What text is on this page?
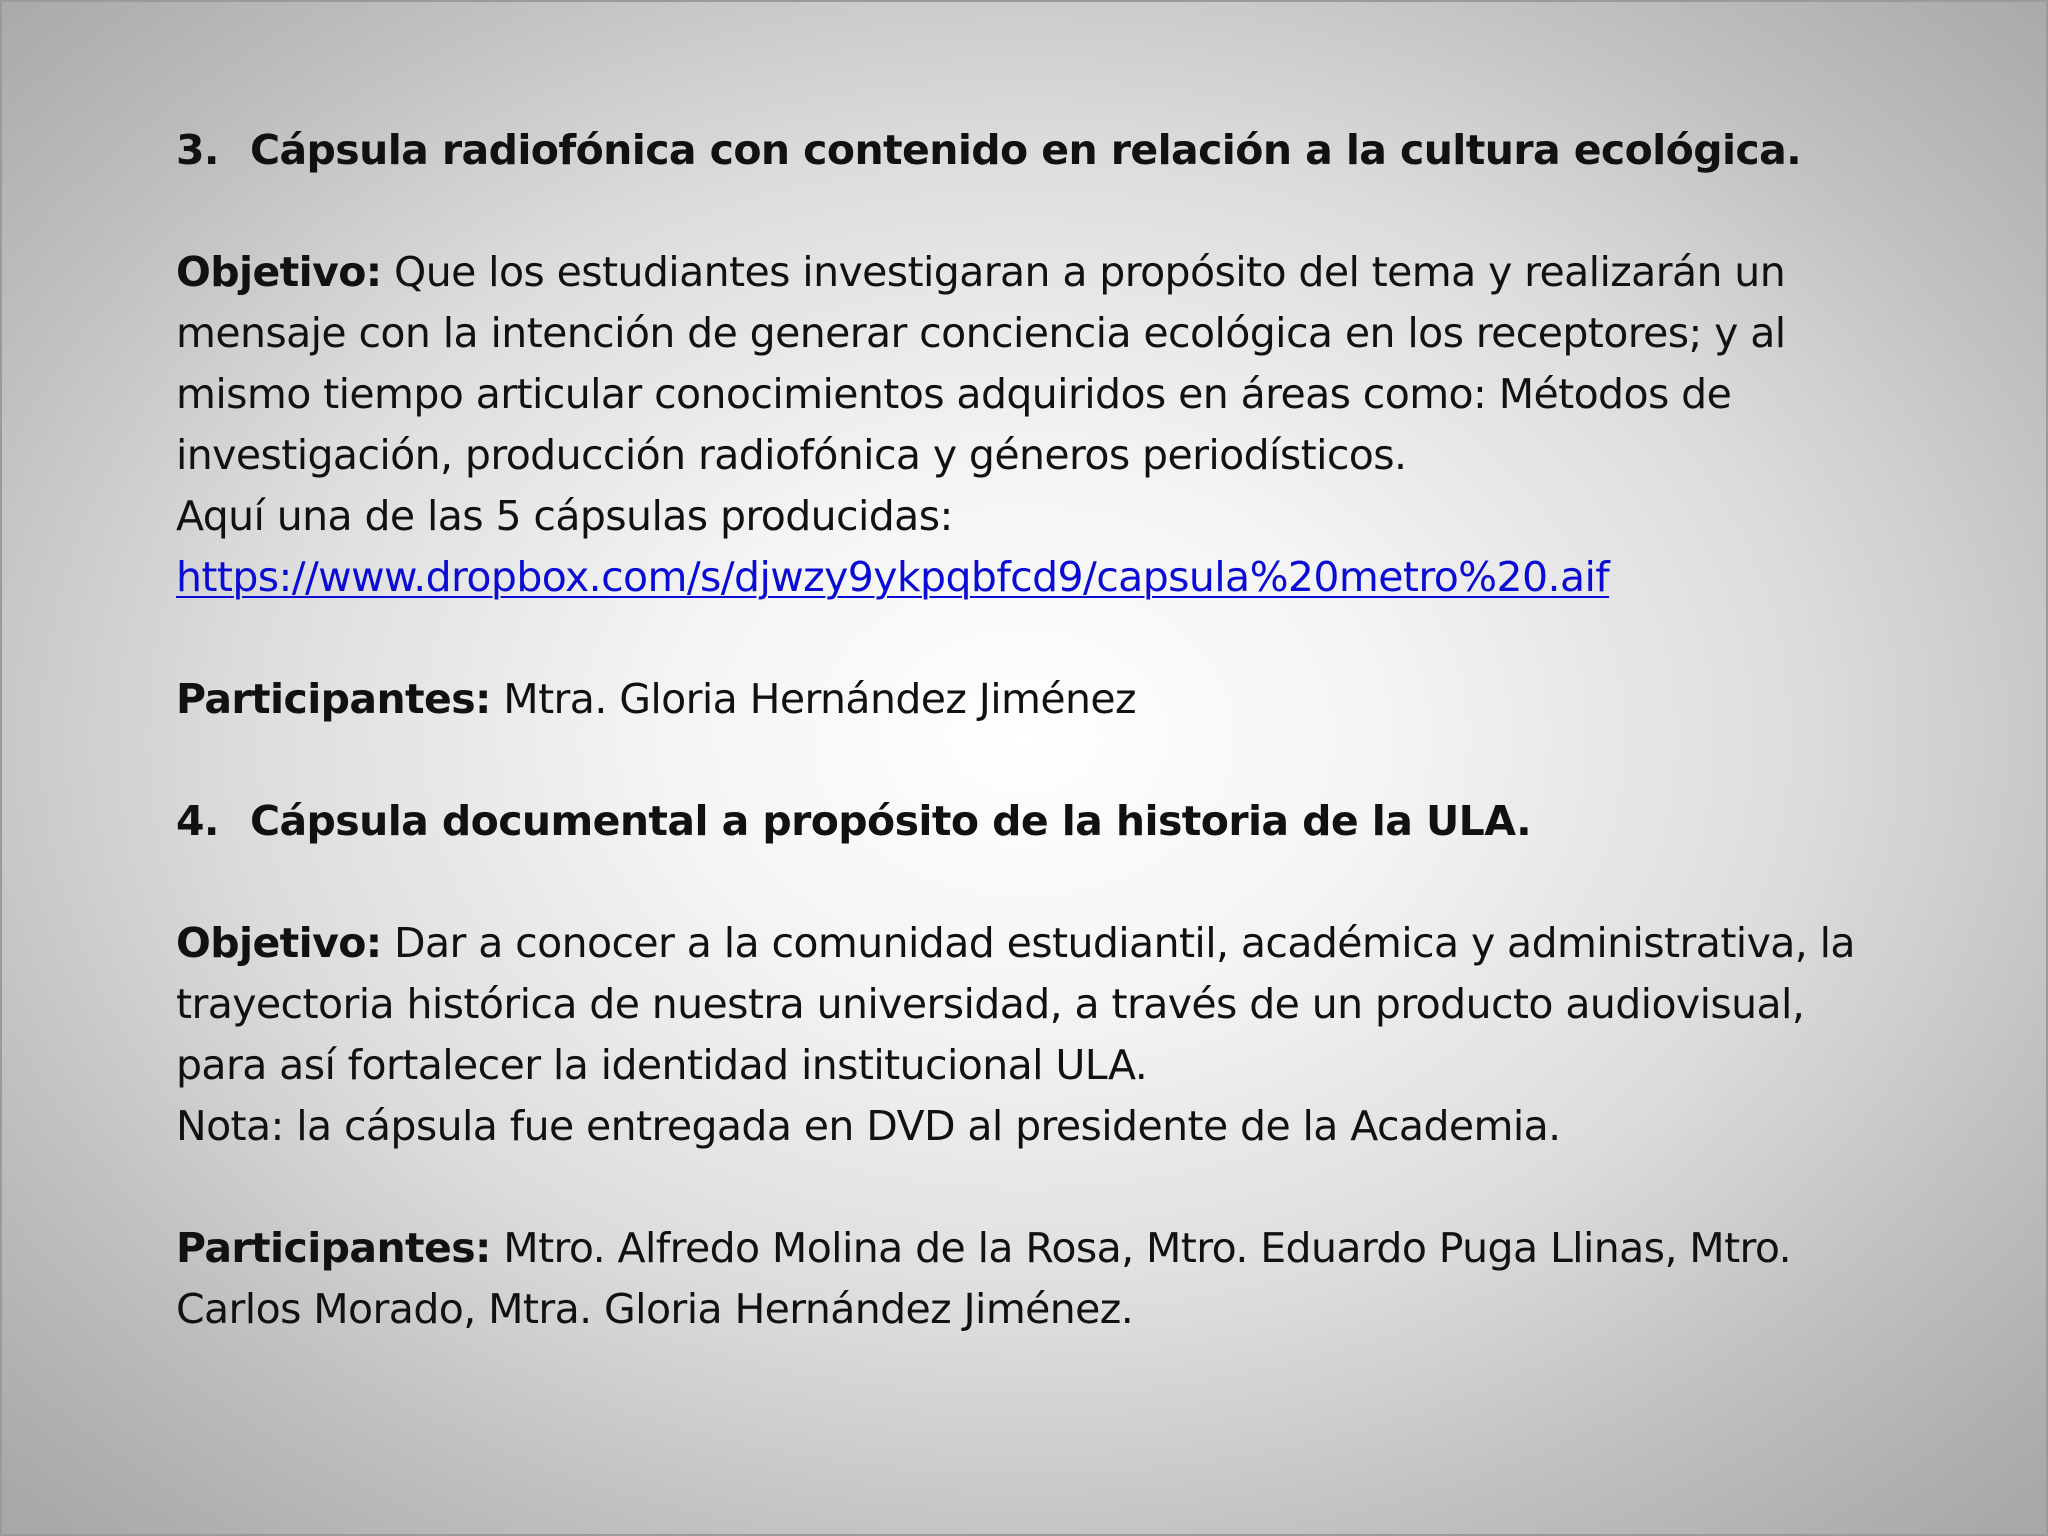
3. Cápsula radiofónica con contenido en relación a la cultura ecológica.

Objetivo: Que los estudiantes investigaran a propósito del tema y realizarán un mensaje con la intención de generar conciencia ecológica en los receptores; y al mismo tiempo articular conocimientos adquiridos en áreas como: Métodos de investigación, producción radiofónica y géneros periodísticos.

Aquí una de las 5 cápsulas producidas:

https://www.dropbox.com/s/djwzy9ykpqbfcd9/capsula%20metro%20.aif

Participantes: Mtra. Gloria Hernández Jiménez

4. Cápsula documental a propósito de la historia de la ULA.

Objetivo: Dar a conocer a la comunidad estudiantil, académica y administrativa, la trayectoria histórica de nuestra universidad, a través de un producto audiovisual, para así fortalecer la identidad institucional ULA.

Nota: la cápsula fue entregada en DVD al presidente de la Academia.

Participantes: Mtro. Alfredo Molina de la Rosa, Mtro. Eduardo Puga Llinas, Mtro. Carlos Morado, Mtra. Gloria Hernández Jiménez.
